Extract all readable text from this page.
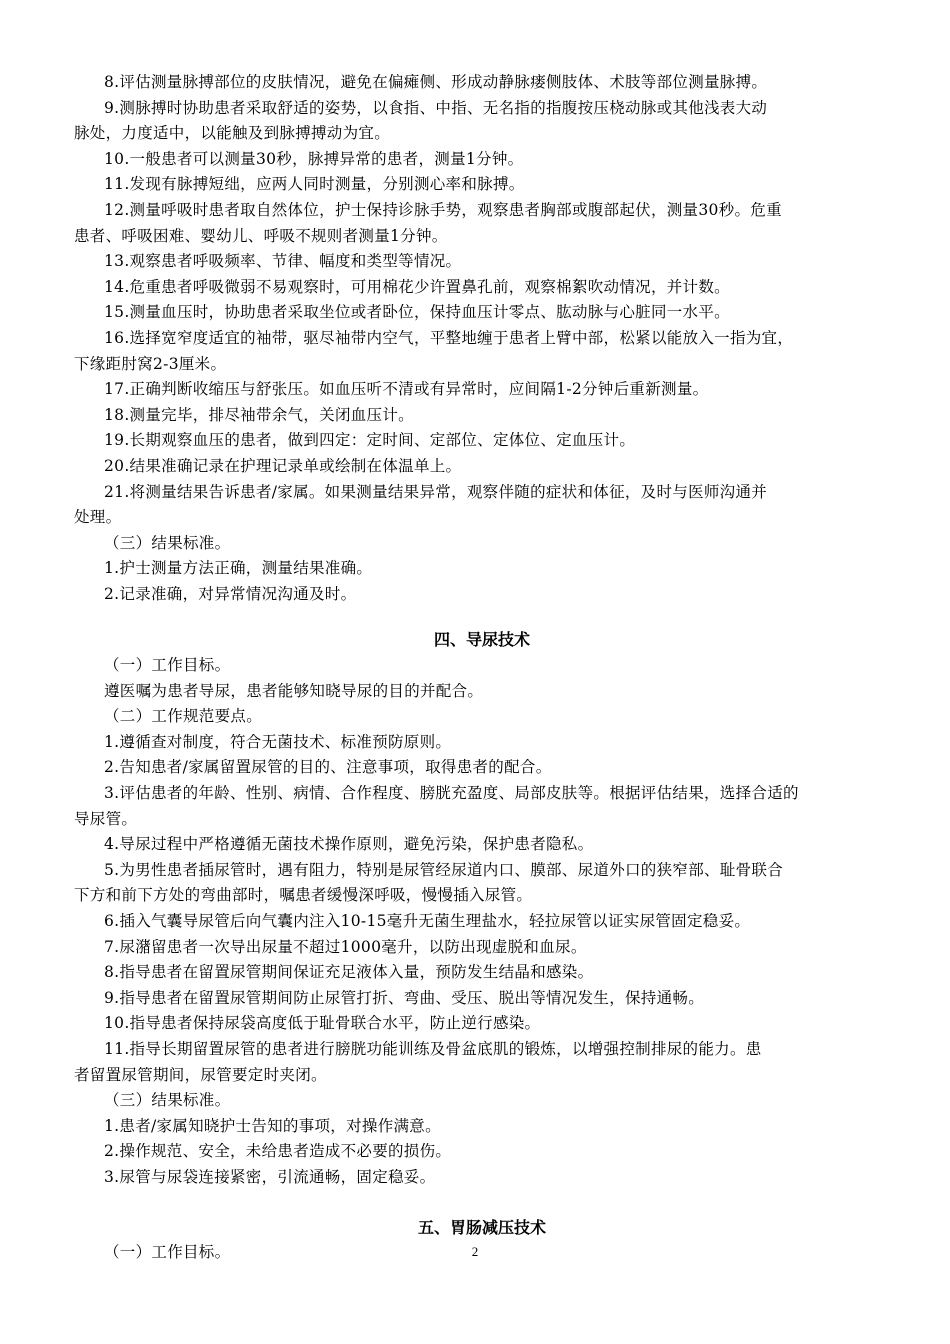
8.评估测量脉搏部位的皮肤情况，避免在偏瘫侧、形成动静脉瘘侧肢体、术肢等部位测量脉搏。
9.测脉搏时协助患者采取舒适的姿势，以食指、中指、无名指的指腹按压桡动脉或其他浅表大动
脉处，力度适中，以能触及到脉搏搏动为宜。
10.一般患者可以测量30秒，脉搏异常的患者，测量1分钟。
11.发现有脉搏短绌，应两人同时测量，分别测心率和脉搏。
12.测量呼吸时患者取自然体位，护士保持诊脉手势，观察患者胸部或腹部起伏，测量30秒。危重
患者、呼吸困难、婴幼儿、呼吸不规则者测量1分钟。
13.观察患者呼吸频率、节律、幅度和类型等情况。
14.危重患者呼吸微弱不易观察时，可用棉花少许置鼻孔前，观察棉絮吹动情况，并计数。
15.测量血压时，协助患者采取坐位或者卧位，保持血压计零点、肱动脉与心脏同一水平。
16.选择宽窄度适宜的袖带，驱尽袖带内空气，平整地缠于患者上臂中部，松紧以能放入一指为宜，
下缘距肘窝2-3厘米。
17.正确判断收缩压与舒张压。如血压听不清或有异常时，应间隔1-2分钟后重新测量。
18.测量完毕，排尽袖带余气，关闭血压计。
19.长期观察血压的患者，做到四定：定时间、定部位、定体位、定血压计。
20.结果准确记录在护理记录单或绘制在体温单上。
21.将测量结果告诉患者/家属。如果测量结果异常，观察伴随的症状和体征，及时与医师沟通并
处理。
（三）结果标准。
1.护士测量方法正确，测量结果准确。
2.记录准确，对异常情况沟通及时。
四、导尿技术
（一）工作目标。
遵医嘱为患者导尿，患者能够知晓导尿的目的并配合。
（二）工作规范要点。
1.遵循查对制度，符合无菌技术、标准预防原则。
2.告知患者/家属留置尿管的目的、注意事项，取得患者的配合。
3.评估患者的年龄、性别、病情、合作程度、膀胱充盈度、局部皮肤等。根据评估结果，选择合适的
导尿管。
4.导尿过程中严格遵循无菌技术操作原则，避免污染，保护患者隐私。
5.为男性患者插尿管时，遇有阻力，特别是尿管经尿道内口、膜部、尿道外口的狭窄部、耻骨联合
下方和前下方处的弯曲部时，嘱患者缓慢深呼吸，慢慢插入尿管。
6.插入气囊导尿管后向气囊内注入10-15毫升无菌生理盐水，轻拉尿管以证实尿管固定稳妥。
7.尿潴留患者一次导出尿量不超过1000毫升，以防出现虚脱和血尿。
8.指导患者在留置尿管期间保证充足液体入量，预防发生结晶和感染。
9.指导患者在留置尿管期间防止尿管打折、弯曲、受压、脱出等情况发生，保持通畅。
10.指导患者保持尿袋高度低于耻骨联合水平，防止逆行感染。
11.指导长期留置尿管的患者进行膀胱功能训练及骨盆底肌的锻炼，以增强控制排尿的能力。患
者留置尿管期间，尿管要定时夹闭。
（三）结果标准。
1.患者/家属知晓护士告知的事项，对操作满意。
2.操作规范、安全，未给患者造成不必要的损伤。
3.尿管与尿袋连接紧密，引流通畅，固定稳妥。
五、胃肠减压技术
（一）工作目标。	2
